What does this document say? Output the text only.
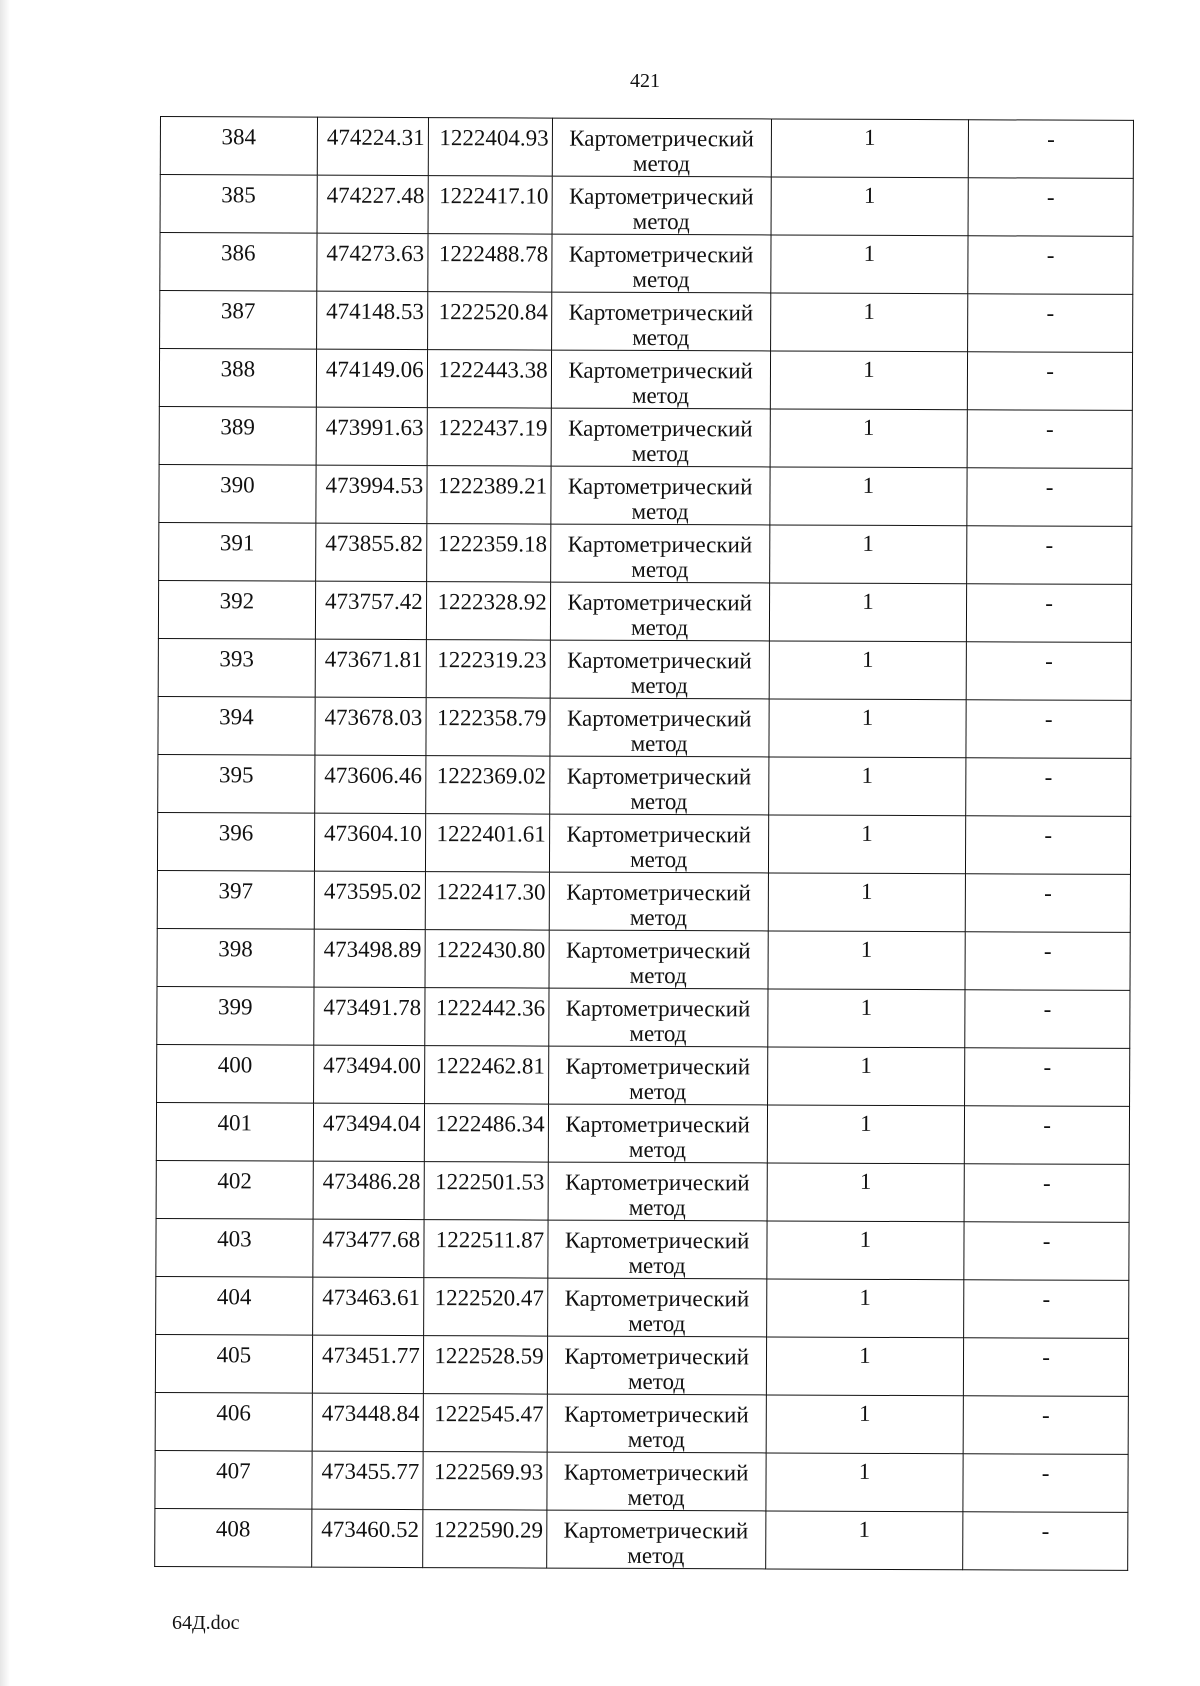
421
384	474224.31	1222404.93	Картометрический метод	1	-

385	474227.48	1222417.10	Картометрический метод	1	-

386	474273.63	1222488.78	Картометрический метод	1	-

387	474148.53	1222520.84	Картометрический метод	1	-

388	474149.06	1222443.38	Картометрический метод	1	-

389	473991.63	1222437.19	Картометрический метод	1	-

390	473994.53	1222389.21	Картометрический метод	1	-

391	473855.82	1222359.18	Картометрический метод	1	-

392	473757.42	1222328.92	Картометрический метод	1	-

393	473671.81	1222319.23	Картометрический метод	1	-

394	473678.03	1222358.79	Картометрический метод	1	-

395	473606.46	1222369.02	Картометрический метод	1	-

396	473604.10	1222401.61	Картометрический метод	1	-

397	473595.02	1222417.30	Картометрический метод	1	-

398	473498.89	1222430.80	Картометрический метод	1	-

399	473491.78	1222442.36	Картометрический метод	1	-

400	473494.00	1222462.81	Картометрический метод	1	-

401	473494.04	1222486.34	Картометрический метод	1	-

402	473486.28	1222501.53	Картометрический метод	1	-

403	473477.68	1222511.87	Картометрический метод	1	-

404	473463.61	1222520.47	Картометрический метод	1	-

405	473451.77	1222528.59	Картометрический метод	1	-

406	473448.84	1222545.47	Картометрический метод	1	-

407	473455.77	1222569.93	Картометрический метод	1	-

408	473460.52	1222590.29	Картометрический метод	1	-
64Д.doc
